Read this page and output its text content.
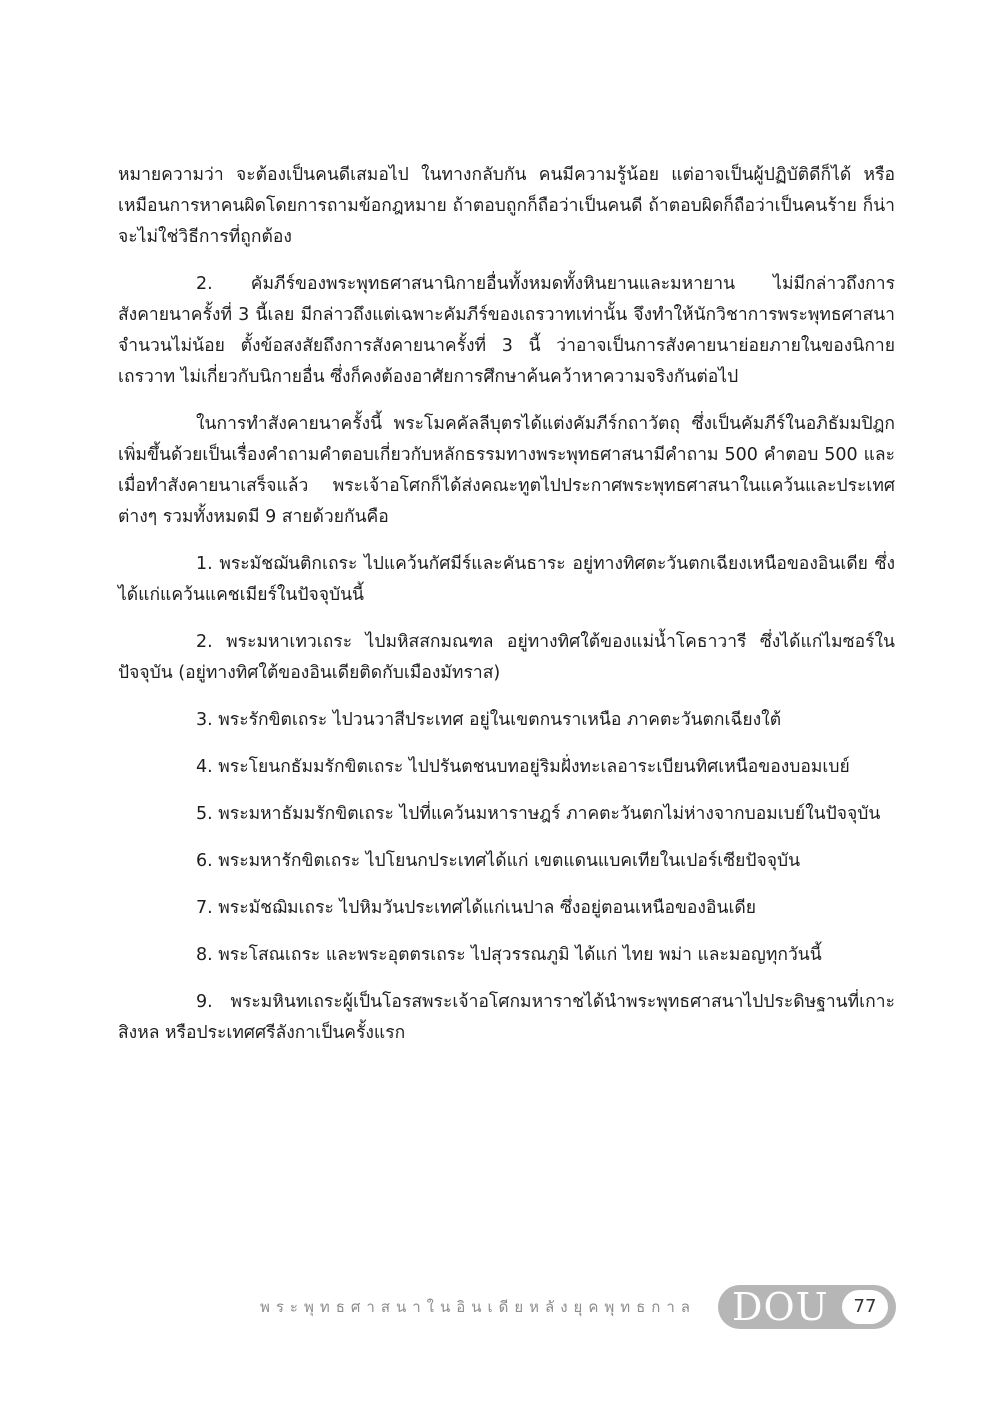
หมายความว่า จะต้องเป็นคนดีเสมอไป ในทางกลับกัน คนมีความรู้น้อย แต่อาจเป็นผู้ปฏิบัติดีก็ได้ หรือเหมือนการหาคนผิดโดยการถามข้อกฎหมาย ถ้าตอบถูกก็ถือว่าเป็นคนดี ถ้าตอบผิดก็ถือว่าเป็นคนร้าย ก็น่าจะไม่ใช่วิธีการที่ถูกต้อง

2. คัมภีร์ของพระพุทธศาสนานิกายอื่นทั้งหมดทั้งหินยานและมหายาน ไม่มีกล่าวถึงการสังคายนาครั้งที่ 3 นี้เลย มีกล่าวถึงแต่เฉพาะคัมภีร์ของเถรวาทเท่านั้น จึงทำให้นักวิชาการพระพุทธศาสนาจำนวนไม่น้อย ตั้งข้อสงสัยถึงการสังคายนาครั้งที่ 3 นี้ ว่าอาจเป็นการสังคายนาย่อยภายในของนิกายเถรวาท ไม่เกี่ยวกับนิกายอื่น ซึ่งก็คงต้องอาศัยการศึกษาค้นคว้าหาความจริงกันต่อไป

ในการทำสังคายนาครั้งนี้ พระโมคคัลลีบุตรได้แต่งคัมภีร์กถาวัตถุ ซึ่งเป็นคัมภีร์ในอภิธัมมปิฎกเพิ่มขึ้นด้วยเป็นเรื่องคำถามคำตอบเกี่ยวกับหลักธรรมทางพระพุทธศาสนามีคำถาม 500 คำตอบ 500 และเมื่อทำสังคายนาเสร็จแล้ว พระเจ้าอโศกก็ได้ส่งคณะทูตไปประกาศพระพุทธศาสนาในแคว้นและประเทศต่างๆ รวมทั้งหมดมี 9 สายด้วยกันคือ

1. พระมัชฌันติกเถระ ไปแคว้นกัศมีร์และคันธาระ อยู่ทางทิศตะวันตกเฉียงเหนือของอินเดีย ซึ่งได้แก่แคว้นแคชเมียร์ในปัจจุบันนี้

2. พระมหาเทวเถระ ไปมหิสสกมณฑล อยู่ทางทิศใต้ของแม่น้ำโคธาวารี ซึ่งได้แก่ไมซอร์ในปัจจุบัน (อยู่ทางทิศใต้ของอินเดียติดกับเมืองมัทราส)

3. พระรักขิตเถระ ไปวนวาสีประเทศ อยู่ในเขตกนราเหนือ ภาคตะวันตกเฉียงใต้

4. พระโยนกธัมมรักขิตเถระ ไปปรันตชนบทอยู่ริมฝั่งทะเลอาระเบียนทิศเหนือของบอมเบย์

5. พระมหาธัมมรักขิตเถระ ไปที่แคว้นมหาราษฎร์ ภาคตะวันตกไม่ห่างจากบอมเบย์ในปัจจุบัน

6. พระมหารักขิตเถระ ไปโยนกประเทศได้แก่ เขตแดนแบคเทียในเปอร์เซียปัจจุบัน

7. พระมัชฌิมเถระ ไปหิมวันประเทศได้แก่เนปาล ซึ่งอยู่ตอนเหนือของอินเดีย

8. พระโสณเถระ และพระอุตตรเถระ ไปสุวรรณภูมิ ได้แก่ ไทย พม่า และมอญทุกวันนี้

9. พระมหินทเถระผู้เป็นโอรสพระเจ้าอโศกมหาราชได้นำพระพุทธศาสนาไปประดิษฐานที่เกาะสิงหล หรือประเทศศรีลังกาเป็นครั้งแรก

พระพุทธศาสนาในอินเดียหลังยุคพุทธกาล DOU	77
